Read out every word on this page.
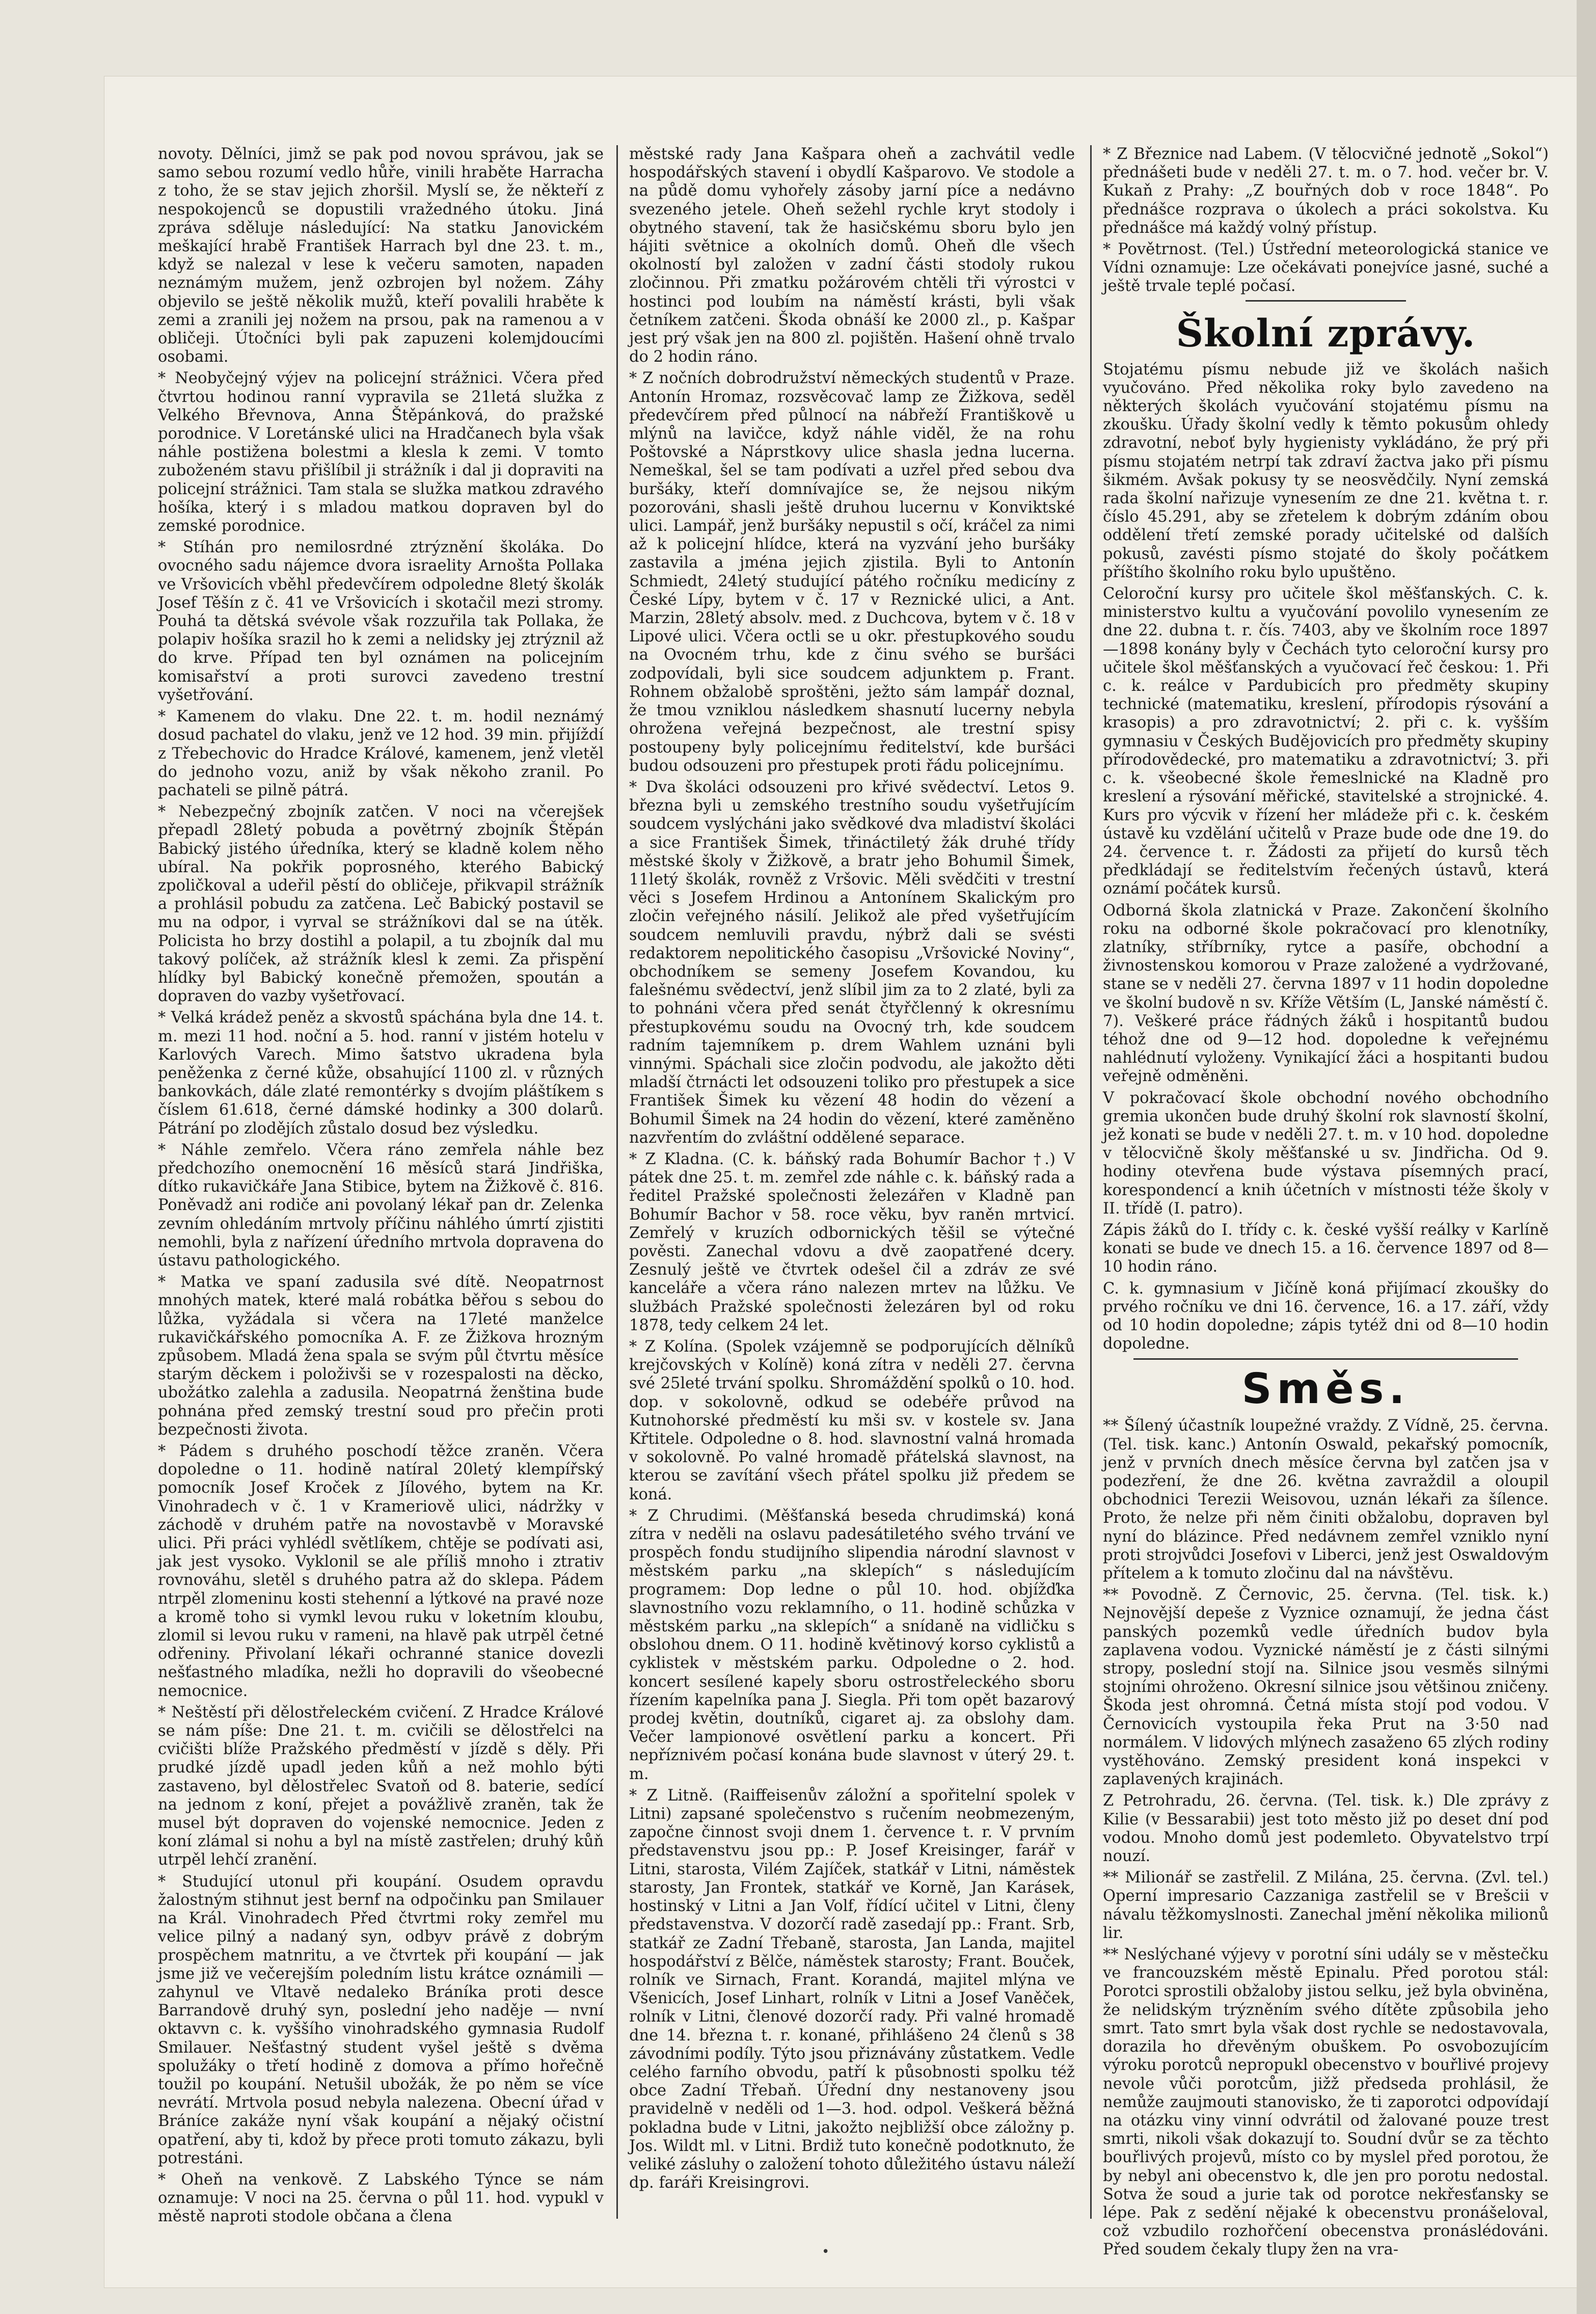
novoty. Dělníci, jimž se pak pod novou správou, jak se samo sebou rozumí vedlo hůře, vinili hraběte Harracha z toho, že se stav jejich zhoršil. Myslí se, že někteří z nespokojenců se dopustili vražedného útoku. Jiná zpráva sděluje následující: Na statku Janovickém meškající hrabě František Harrach byl dne 23. t. m., když se nalezal v lese k večeru samoten, napaden neznámým mužem, jenž ozbrojen byl nožem. Záhy objevilo se ještě několik mužů, kteří povalili hraběte k zemi a zranili jej nožem na prsou, pak na ramenou a v obličeji. Útočníci byli pak zapuzeni kolemjdoucími osobami.

* Neobyčejný výjev na policejní strážnici. Včera před čtvrtou hodinou ranní vypravila se 21letá služka z Velkého Břevnova, Anna Štěpánková, do pražské porodnice. V Loretánské ulici na Hradčanech byla však náhle postižena bolestmi a klesla k zemi. V tomto zuboženém stavu přišlíbil ji strážník i dal ji dopraviti na policejní strážnici. Tam stala se služka matkou zdravého hošíka, který i s mladou matkou dopraven byl do zemské porodnice.

* Stíhán pro nemilosrdné ztrýznění školáka. Do ovocného sadu nájemce dvora israelity Arnošta Pollaka ve Vršovicích vběhl předevčírem odpoledne 8letý školák Josef Těšín z č. 41 ve Vršovicích i skotačil mezi stromy. Pouhá ta dětská svévole však rozzuřila tak Pollaka, že polapiv hošíka srazil ho k zemi a nelidsky jej ztrýznil až do krve. Případ ten byl oznámen na policejním komisařství a proti surovci zavedeno trestní vyšetřování.

* Kamenem do vlaku. Dne 22. t. m. hodil neznámý dosud pachatel do vlaku, jenž ve 12 hod. 39 min. přijíždí z Třebechovic do Hradce Králové, kamenem, jenž vletěl do jednoho vozu, aniž by však někoho zranil. Po pachateli se pilně pátrá.

* Nebezpečný zbojník zatčen. V noci na včerejšek přepadl 28letý pobuda a povětrný zbojník Štěpán Babický jistého úředníka, který se kladně kolem něho ubíral. Na pokřik poprosného, kterého Babický zpoličkoval a udeřil pěstí do obličeje, přikvapil strážník a prohlásil pobudu za zatčena. Leč Babický postavil se mu na odpor, i vyrval se strážníkovi dal se na útěk. Policista ho brzy dostihl a polapil, a tu zbojník dal mu takový políček, až strážník klesl k zemi. Za přispění hlídky byl Babický konečně přemožen, spoután a dopraven do vazby vyšetřovací.

* Velká krádež peněz a skvostů spáchána byla dne 14. t. m. mezi 11 hod. noční a 5. hod. ranní v jistém hotelu v Karlových Varech. Mimo šatstvo ukradena byla peněženka z černé kůže, obsahující 1100 zl. v různých bankovkách, dále zlaté remontérky s dvojím pláštíkem s číslem 61.618, černé dámské hodinky a 300 dolarů. Pátrání po zlodějích zůstalo dosud bez výsledku.

* Náhle zemřelo. Včera ráno zemřela náhle bez předchozího onemocnění 16 měsíců stará Jindřiška, dítko rukavičkáře Jana Stibice, bytem na Žižkově č. 816. Poněvadž ani rodiče ani povolaný lékař pan dr. Zelenka zevním ohledáním mrtvoly příčinu náhlého úmrtí zjistiti nemohli, byla z nařízení úředního mrtvola dopravena do ústavu pathologického.

* Matka ve spaní zadusila své dítě. Neopatrnost mnohých matek, které malá robátka běřou s sebou do lůžka, vyžádala si včera na 17leté manželce rukavičkářského pomocníka A. F. ze Žižkova hrozným způsobem. Mladá žena spala se svým půl čtvrtu měsíce starým děckem i položivši se v rozespalosti na děcko, ubožátko zalehla a zadusila. Neopatrná ženština bude pohnána před zemský trestní soud pro přečin proti bezpečnosti života.

* Pádem s druhého poschodí těžce zraněn. Včera dopoledne o 11. hodině natíral 20letý klempířský pomocník Josef Kroček z Jílového, bytem na Kr. Vinohradech v č. 1 v Krameriově ulici, nádržky v záchodě v druhém patře na novostavbě v Moravské ulici. Při práci vyhlédl světlíkem, chtěje se podívati asi, jak jest vysoko. Vyklonil se ale příliš mnoho i ztrativ rovnováhu, sletěl s druhého patra až do sklepa. Pádem ntrpěl zlomeninu kosti stehenní a lýtkové na pravé noze a kromě toho si vymkl levou ruku v loketním kloubu, zlomil si levou ruku v rameni, na hlavě pak utrpěl četné odřeniny. Přivolaní lékaři ochranné stanice dovezli nešťastného mladíka, nežli ho dopravili do všeobecné nemocnice.

* Neštěstí při dělostřeleckém cvičení. Z Hradce Králové se nám píše: Dne 21. t. m. cvičili se dělostřelci na cvičišti blíže Pražského předměstí v jízdě s děly. Při prudké jízdě upadl jeden kůň a než mohlo býti zastaveno, byl dělostřelec Svatoň od 8. baterie, sedící na jednom z koní, přejet a povážlivě zraněn, tak že musel být dopraven do vojenské nemocnice. Jeden z koní zlámal si nohu a byl na místě zastřelen; druhý kůň utrpěl lehčí zranění.

* Studující utonul při koupání. Osudem opravdu žalostným stihnut jest bernf na odpočinku pan Smilauer na Král. Vinohradech Před čtvrtmi roky zemřel mu velice pilný a nadaný syn, odbyv právě z dobrým prospěchem matnritu, a ve čtvrtek při koupání — jak jsme již ve večerejším poledním listu krátce oznámili — zahynul ve Vltavě nedaleko Bráníka proti desce Barrandově druhý syn, poslední jeho naděje — nvní oktavvn c. k. vyššího vinohradského gymnasia Rudolf Smilauer. Nešťastný student vyšel ještě s dvěma spolužáky o třetí hodině z domova a přímo hořečně toužil po koupání. Netušil ubožák, že po něm se více nevrátí. Mrtvola posud nebyla nalezena. Obecní úřad v Bráníce zakáže nyní však koupání a nějaký očistní opatření, aby ti, kdož by přece proti tomuto zákazu, byli potrestáni.

* Oheň na venkově. Z Labského Týnce se nám oznamuje: V noci na 25. června o půl 11. hod. vypukl v městě naproti stodole občana a člena

městské rady Jana Kašpara oheň a zachvátil vedle hospodářských stavení i obydlí Kašparovo. Ve stodole a na půdě domu vyhořely zásoby jarní píce a nedávno svezeného jetele. Oheň sežehl rychle kryt stodoly i obytného stavení, tak že hasičskému sboru bylo jen hájiti světnice a okolních domů. Oheň dle všech okolností byl založen v zadní části stodoly rukou zločinnou. Při zmatku požárovém chtěli tři výrostci v hostinci pod loubím na náměstí krásti, byli však četníkem zatčeni. Škoda obnáší ke 2000 zl., p. Kašpar jest prý však jen na 800 zl. pojištěn. Hašení ohně trvalo do 2 hodin ráno.

* Z nočních dobrodružství německých studentů v Praze. Antonín Hromaz, rozsvěcovač lamp ze Žižkova, seděl předevčírem před půlnocí na nábřeží Františkově u mlýnů na lavičce, když náhle viděl, že na rohu Poštovské a Náprstkovy ulice shasla jedna lucerna. Nemeškal, šel se tam podívati a uzřel před sebou dva buršáky, kteří domnívajíce se, že nejsou nikým pozorováni, shasli ještě druhou lucernu v Konviktské ulici. Lampář, jenž buršáky nepustil s očí, kráčel za nimi až k policejní hlídce, která na vyzvání jeho buršáky zastavila a jména jejich zjistila. Byli to Antonín Schmiedt, 24letý studující pátého ročníku medicíny z České Lípy, bytem v č. 17 v Reznické ulici, a Ant. Marzin, 28letý absolv. med. z Duchcova, bytem v č. 18 v Lipové ulici. Včera octli se u okr. přestupkového soudu na Ovocném trhu, kde z činu svého se buršáci zodpovídali, byli sice soudcem adjunktem p. Frant. Rohnem obžalobě sproštěni, ježto sám lampář doznal, že tmou vzniklou následkem shasnutí lucerny nebyla ohrožena veřejná bezpečnost, ale trestní spisy postoupeny byly policejnímu ředitelství, kde buršáci budou odsouzeni pro přestupek proti řádu policejnímu.

* Dva školáci odsouzeni pro křivé svědectví. Letos 9. března byli u zemského trestního soudu vyšetřujícím soudcem vyslýcháni jako svědkové dva mladiství školáci a sice František Šimek, třináctiletý žák druhé třídy městské školy v Žižkově, a bratr jeho Bohumil Šimek, 11letý školák, rovněž z Vršovic. Měli svědčiti v trestní věci s Josefem Hrdinou a Antonínem Skalickým pro zločin veřejného násilí. Jelikož ale před vyšetřujícím soudcem nemluvili pravdu, nýbrž dali se svésti redaktorem nepolitického časopisu „Vršovické Noviny“, obchodníkem se semeny Josefem Kovandou, ku falešnému svědectví, jenž slíbil jim za to 2 zlaté, byli za to pohnáni včera před senát čtyřčlenný k okresnímu přestupkovému soudu na Ovocný trh, kde soudcem radním tajemníkem p. drem Wahlem uznáni byli vinnými. Spáchali sice zločin podvodu, ale jakožto děti mladší čtrnácti let odsouzeni toliko pro přestupek a sice František Šimek ku vězení 48 hodin do vězení a Bohumil Šimek na 24 hodin do vězení, které zaměněno nazvřentím do zvláštní oddělené separace.

* Z Kladna. (C. k. báňský rada Bohumír Bachor †.) V pátek dne 25. t. m. zemřel zde náhle c. k. báňský rada a ředitel Pražské společnosti železářen v Kladně pan Bohumír Bachor v 58. roce věku, byv raněn mrtvicí. Zemřelý v kruzích odbornických těšil se výtečné pověsti. Zanechal vdovu a dvě zaopatřené dcery. Zesnulý ještě ve čtvrtek odešel čil a zdráv ze své kanceláře a včera ráno nalezen mrtev na lůžku. Ve službách Pražské společnosti železáren byl od roku 1878, tedy celkem 24 let.

* Z Kolína. (Spolek vzájemně se podporujících dělníků krejčovských v Kolíně) koná zítra v neděli 27. června své 25leté trvání spolku. Shromáždění spolků o 10. hod. dop. v sokolovně, odkud se odebéře průvod na Kutnohorské předměstí ku mši sv. v kostele sv. Jana Křtitele. Odpoledne o 8. hod. slavnostní valná hromada v sokolovně. Po valné hromadě přátelská slavnost, na kterou se zavítání všech přátel spolku již předem se koná.

* Z Chrudimi. (Měšťanská beseda chrudimská) koná zítra v neděli na oslavu padesátiletého svého trvání ve prospěch fondu studijního slipendia národní slavnost v městském parku „na sklepích“ s následujícím programem: Dop ledne o půl 10. hod. objížďka slavnostního vozu reklamního, o 11. hodině schůzka v městském parku „na sklepích“ a snídaně na vidličku s obslohou dnem. O 11. hodině květinový korso cyklistů a cyklistek v městském parku. Odpoledne o 2. hod. koncert sesílené kapely sboru ostrostřeleckého sboru řízením kapelníka pana J. Siegla. Při tom opět bazarový prodej květin, doutníků, cigaret aj. za obslohy dam. Večer lampionové osvětlení parku a koncert. Při nepříznivém počasí konána bude slavnost v úterý 29. t. m.

* Z Litně. (Raiffeisenův záložní a spořitelní spolek v Litni) zapsané společenstvo s ručením neobmezeným, započne činnost svoji dnem 1. července t. r. V prvním představenstvu jsou pp.: P. Josef Kreisinger, farář v Litni, starosta, Vilém Zajíček, statkář v Litni, náměstek starosty, Jan Frontek, statkář ve Korně, Jan Karásek, hostinský v Litni a Jan Volf, řídící učitel v Litni, členy představenstva. V dozorčí radě zasedají pp.: Frant. Srb, statkář ze Zadní Třebaně, starosta, Jan Landa, majitel hospodářství z Bělče, náměstek starosty; Frant. Bouček, rolník ve Sirnach, Frant. Korandá, majitel mlýna ve Všenicích, Josef Linhart, rolník v Litni a Josef Vaněček, rolník v Litni, členové dozorčí rady. Při valné hromadě dne 14. března t. r. konané, přihlášeno 24 členů s 38 závodními podíly. Týto jsou přiznávány zůstatkem. Vedle celého farního obvodu, patří k působnosti spolku též obce Zadní Třebaň. Úřední dny nestanoveny jsou pravidelně v neděli od 1—3. hod. odpol. Veškerá běžná pokladna bude v Litni, jakožto nejbližší obce záložny p. Jos. Wildt ml. v Litni. Brdiž tuto konečně podotknuto, že veliké zásluhy o založení tohoto důležitého ústavu náleží dp. faráři Kreisingrovi.

* Z Březnice nad Labem. (V tělocvičné jednotě „Sokol“) přednášeti bude v neděli 27. t. m. o 7. hod. večer br. V. Kukaň z Prahy: „Z bouřných dob v roce 1848“. Po přednášce rozprava o úkolech a práci sokolstva. Ku přednášce má každý volný přístup.

* Povětrnost. (Tel.) Ústřední meteorologická stanice ve Vídni oznamuje: Lze očekávati ponejvíce jasné, suché a ještě trvale teplé počasí.

Školní zprávy.

Stojatému písmu nebude již ve školách našich vyučováno. Před několika roky bylo zavedeno na některých školách vyučování stojatému písmu na zkoušku. Úřady školní vedly k těmto pokusům ohledy zdravotní, neboť byly hygienisty vykládáno, že prý při písmu stojatém netrpí tak zdraví žactva jako při písmu šikmém. Avšak pokusy ty se neosvědčily. Nyní zemská rada školní nařizuje vynesením ze dne 21. května t. r. číslo 45.291, aby se zřetelem k dobrým zdáním obou oddělení třetí zemské porady učitelské od dalších pokusů, zavésti písmo stojaté do školy počátkem příštího školního roku bylo upuštěno.

Celoroční kursy pro učitele škol měšťanských. C. k. ministerstvo kultu a vyučování povolilo vynesením ze dne 22. dubna t. r. čís. 7403, aby ve školním roce 1897—1898 konány byly v Čechách tyto celoroční kursy pro učitele škol měšťanských a vyučovací řeč českou: 1. Při c. k. reálce v Pardubicích pro předměty skupiny technické (matematiku, kreslení, přírodopis rýsování a krasopis) a pro zdravotnictví; 2. při c. k. vyšším gymnasiu v Českých Budějovicích pro předměty skupiny přírodovědecké, pro matematiku a zdravotnictví; 3. při c. k. všeobecné škole řemeslnické na Kladně pro kreslení a rýsování měřické, stavitelské a strojnické. 4. Kurs pro výcvik v řízení her mládeže při c. k. českém ústavě ku vzdělání učitelů v Praze bude ode dne 19. do 24. července t. r. Žádosti za přijetí do kursů těch předkládají se ředitelstvím řečených ústavů, která oznámí počátek kursů.

Odborná škola zlatnická v Praze. Zakončení školního roku na odborné škole pokračovací pro klenotníky, zlatníky, stříbrníky, rytce a pasíře, obchodní a živnostenskou komorou v Praze založené a vydržované, stane se v neděli 27. června 1897 v 11 hodin dopoledne ve školní budově n sv. Kříže Větším (L, Janské náměstí č. 7). Veškeré práce řádných žáků i hospitantů budou téhož dne od 9—12 hod. dopoledne k veřejnému nahlédnutí vyloženy. Vynikající žáci a hospitanti budou veřejně odměněni.

V pokračovací škole obchodní nového obchodního gremia ukončen bude druhý školní rok slavností školní, jež konati se bude v neděli 27. t. m. v 10 hod. dopoledne v tělocvičně školy měšťanské u sv. Jindřicha. Od 9. hodiny otevřena bude výstava písemných prací, korespondencí a knih účetních v místnosti téže školy v II. třídě (I. patro).

Zápis žáků do I. třídy c. k. české vyšší reálky v Karlíně konati se bude ve dnech 15. a 16. července 1897 od 8—10 hodin ráno.

C. k. gymnasium v Jičíně koná přijímací zkoušky do prvého ročníku ve dni 16. července, 16. a 17. září, vždy od 10 hodin dopoledne; zápis tytéž dni od 8—10 hodin dopoledne.

Směs.

** Šílený účastník loupežné vraždy. Z Vídně, 25. června. (Tel. tisk. kanc.) Antonín Oswald, pekařský pomocník, jenž v prvních dnech měsíce června byl zatčen jsa v podezření, že dne 26. května zavraždil a oloupil obchodnici Terezii Weisovou, uznán lékaři za šílence. Proto, že nelze při něm činiti obžalobu, dopraven byl nyní do blázince. Před nedávnem zemřel vzniklo nyní proti strojvůdci Josefovi v Liberci, jenž jest Oswaldovým přítelem a k tomuto zločinu dal na návštěvu.

** Povodně. Z Černovic, 25. června. (Tel. tisk. k.) Nejnovější depeše z Vyznice oznamují, že jedna část panských pozemků vedle úředních budov byla zaplavena vodou. Vyznické náměstí je z části silnými stropy, poslední stojí na. Silnice jsou vesměs silnými stojními ohroženo. Okresní silnice jsou většinou zničeny. Škoda jest ohromná. Četná místa stojí pod vodou. V Černovicích vystoupila řeka Prut na 3·50 nad normálem. V lidových mlýnech zasaženo 65 zlých rodiny vystěhováno. Zemský president koná inspekci v zaplavených krajinách.

Z Petrohradu, 26. června. (Tel. tisk. k.) Dle zprávy z Kilie (v Bessarabii) jest toto město již po deset dní pod vodou. Mnoho domů jest podemleto. Obyvatelstvo trpí nouzí.

** Milionář se zastřelil. Z Milána, 25. června. (Zvl. tel.) Operní impresario Cazzaniga zastřelil se v Brešcii v návalu těžkomyslnosti. Zanechal jmění několika milionů lir.

** Neslýchané výjevy v porotní síni udály se v městečku ve francouzském městě Epinalu. Před porotou stál: Porotci sprostili obžaloby jistou selku, jež byla obviněna, že nelidským trýzněním svého dítěte způsobila jeho smrt. Tato smrt byla však dost rychle se nedostavovala, dorazila ho dřevěným obuškem. Po osvobozujícím výroku porotců nepropukl obecenstvo v bouřlivé projevy nevole vůči porotcům, jižž předseda prohlásil, že nemůže zaujmouti stanovisko, že ti zaporotci odpovídají na otázku viny vinní odvrátil od žalované pouze trest smrti, nikoli však dokazují to. Soudní dvůr se za těchto bouřlivých projevů, místo co by myslel před porotou, že by nebyl ani obecenstvo k, dle jen pro porotu nedostal. Sotva že soud a jurie tak od porotce nekřesťansky se lépe. Pak z sedění nějaké k obecenstvu pronášeloval, což vzbudilo rozhořčení obecenstva pronáslédováni. Před soudem čekaly tlupy žen na vra-

•
